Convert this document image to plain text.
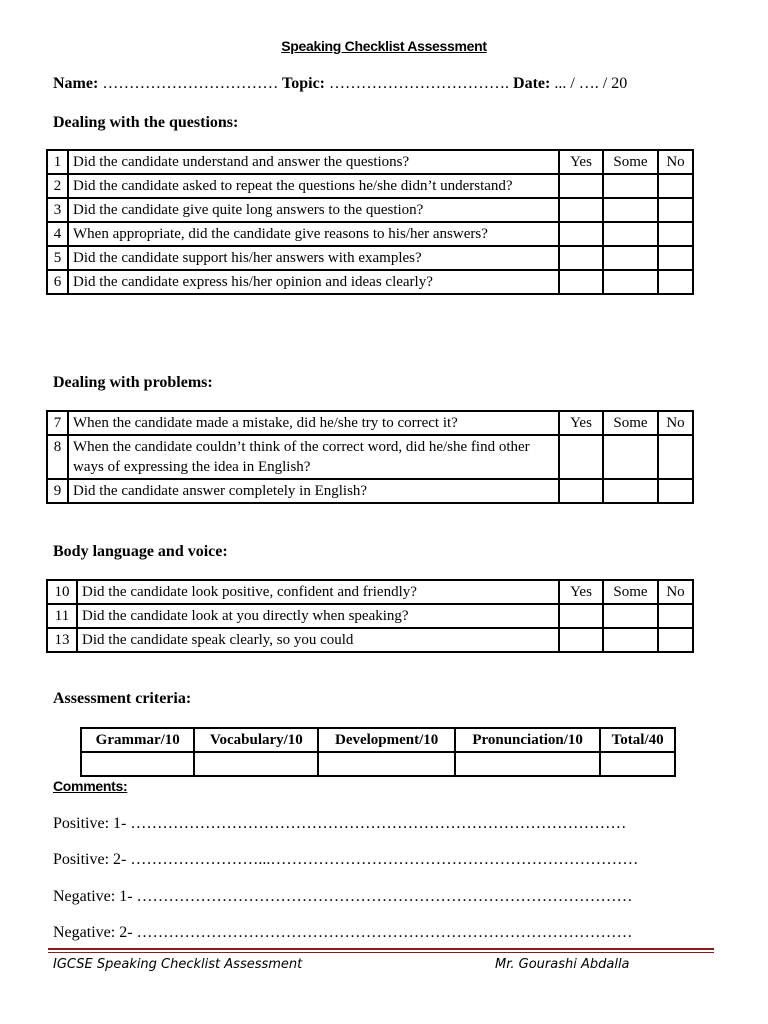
Speaking Checklist Assessment
Name: …………………………… Topic: ……………………………. Date: ... / …. / 20
Dealing with the questions:
1	Did the candidate understand and answer the questions?	Yes	Some	No
2	Did the candidate asked to repeat the questions he/she didn’t understand?			
3	Did the candidate give quite long answers to the question?			
4	When appropriate, did the candidate give reasons to his/her answers?			
5	Did the candidate support his/her answers with examples?			
6	Did the candidate express his/her opinion and ideas clearly?			
Dealing with problems:
7	When the candidate made a mistake, did he/she try to correct it?	Yes	Some	No
8	When the candidate couldn’t think of the correct word, did he/she find other ways of expressing the idea in English?			
9	Did the candidate answer completely in English?			
Body language and voice:
10	Did the candidate look positive, confident and friendly?	Yes	Some	No
11	Did the candidate look at you directly when speaking?			
13	Did the candidate speak clearly, so you could			
Assessment criteria:
Grammar/10	Vocabulary/10	Development/10	Pronunciation/10	Total/40

Comments:
Positive: 1- …………………………………………………………………………………
Positive: 2- ……………………...……………………………………………………………
Negative: 1- …………………………………………………………………………………
Negative: 2- …………………………………………………………………………………
IGCSE Speaking Checklist Assessment	Mr. Gourashi Abdalla
